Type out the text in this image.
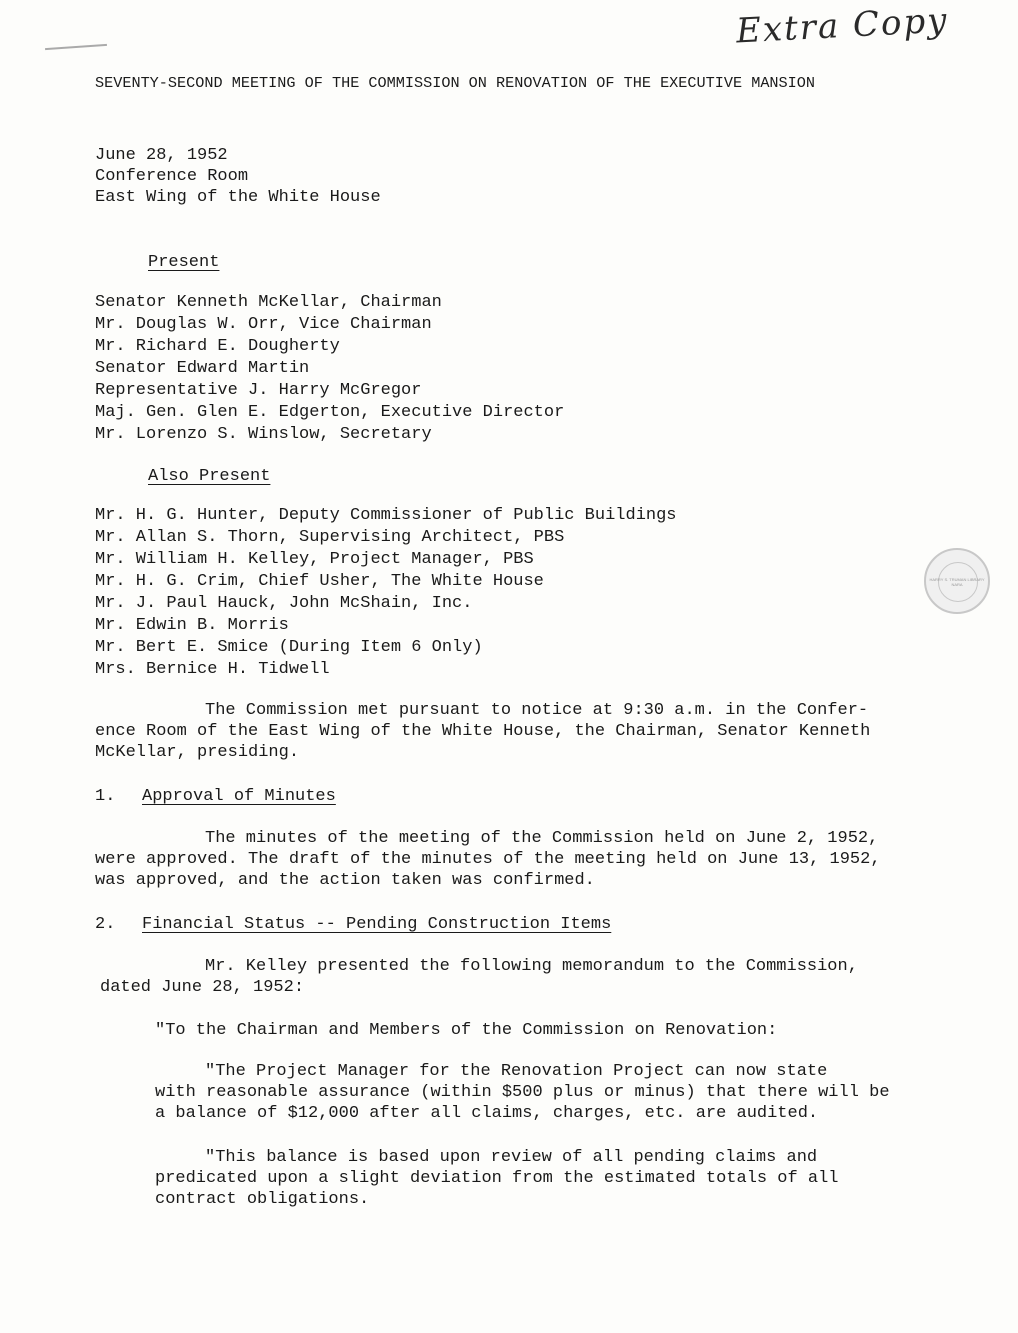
Extra Copy
SEVENTY-SECOND MEETING OF THE COMMISSION ON RENOVATION OF THE EXECUTIVE MANSION
June 28, 1952
Conference Room
East Wing of the White House
Present
Senator Kenneth McKellar, Chairman
Mr. Douglas W. Orr, Vice Chairman
Mr. Richard E. Dougherty
Senator Edward Martin
Representative J. Harry McGregor
Maj. Gen. Glen E. Edgerton, Executive Director
Mr. Lorenzo S. Winslow, Secretary
Also Present
Mr. H. G. Hunter, Deputy Commissioner of Public Buildings
Mr. Allan S. Thorn, Supervising Architect, PBS
Mr. William H. Kelley, Project Manager, PBS
Mr. H. G. Crim, Chief Usher, The White House
Mr. J. Paul Hauck, John McShain, Inc.
Mr. Edwin B. Morris
Mr. Bert E. Smice (During Item 6 Only)
Mrs. Bernice H. Tidwell
The Commission met pursuant to notice at 9:30 a.m. in the Confer-
ence Room of the East Wing of the White House, the Chairman, Senator Kenneth
McKellar, presiding.
1. Approval of Minutes
The minutes of the meeting of the Commission held on June 2, 1952,
were approved. The draft of the minutes of the meeting held on June 13, 1952,
was approved, and the action taken was confirmed.
2. Financial Status -- Pending Construction Items
Mr. Kelley presented the following memorandum to the Commission,
dated June 28, 1952:
"To the Chairman and Members of the Commission on Renovation:
"The Project Manager for the Renovation Project can now state
with reasonable assurance (within $500 plus or minus) that there will be
a balance of $12,000 after all claims, charges, etc. are audited.
"This balance is based upon review of all pending claims and
predicated upon a slight deviation from the estimated totals of all
contract obligations.
HARRY S. TRUMAN LIBRARY NARA
